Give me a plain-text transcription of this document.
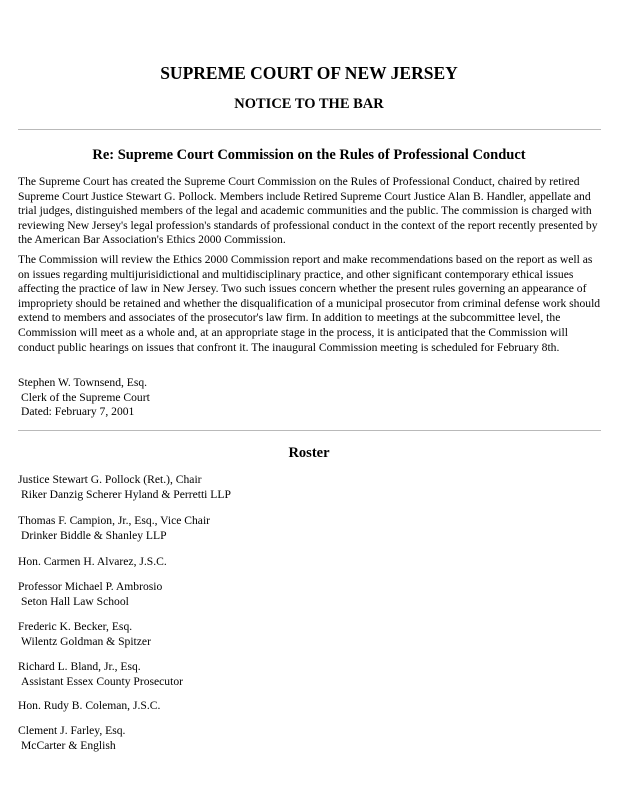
SUPREME COURT OF NEW JERSEY
NOTICE TO THE BAR
Re: Supreme Court Commission on the Rules of Professional Conduct

The Supreme Court has created the Supreme Court Commission on the Rules of Professional Conduct, chaired by retired Supreme Court Justice Stewart G. Pollock. Members include Retired Supreme Court Justice Alan B. Handler, appellate and trial judges, distinguished members of the legal and academic communities and the public. The commission is charged with reviewing New Jersey's legal profession's standards of professional conduct in the context of the report recently presented by the American Bar Association's Ethics 2000 Commission.

The Commission will review the Ethics 2000 Commission report and make recommendations based on the report as well as on issues regarding multijurisidictional and multidisciplinary practice, and other significant contemporary ethical issues affecting the practice of law in New Jersey. Two such issues concern whether the present rules governing an appearance of impropriety should be retained and whether the disqualification of a municipal prosecutor from criminal defense work should extend to members and associates of the prosecutor's law firm. In addition to meetings at the subcommittee level, the Commission will meet as a whole and, at an appropriate stage in the process, it is anticipated that the Commission will conduct public hearings on issues that confront it. The inaugural Commission meeting is scheduled for February 8th.

Stephen W. Townsend, Esq.
Clerk of the Supreme Court
Dated: February 7, 2001
Roster
Justice Stewart G. Pollock (Ret.), Chair
Riker Danzig Scherer Hyland & Perretti LLP
Thomas F. Campion, Jr., Esq., Vice Chair
Drinker Biddle & Shanley LLP
Hon. Carmen H. Alvarez, J.S.C.
Professor Michael P. Ambrosio
Seton Hall Law School
Frederic K. Becker, Esq.
Wilentz Goldman & Spitzer
Richard L. Bland, Jr., Esq.
Assistant Essex County Prosecutor
Hon. Rudy B. Coleman, J.S.C.
Clement J. Farley, Esq.
McCarter & English
